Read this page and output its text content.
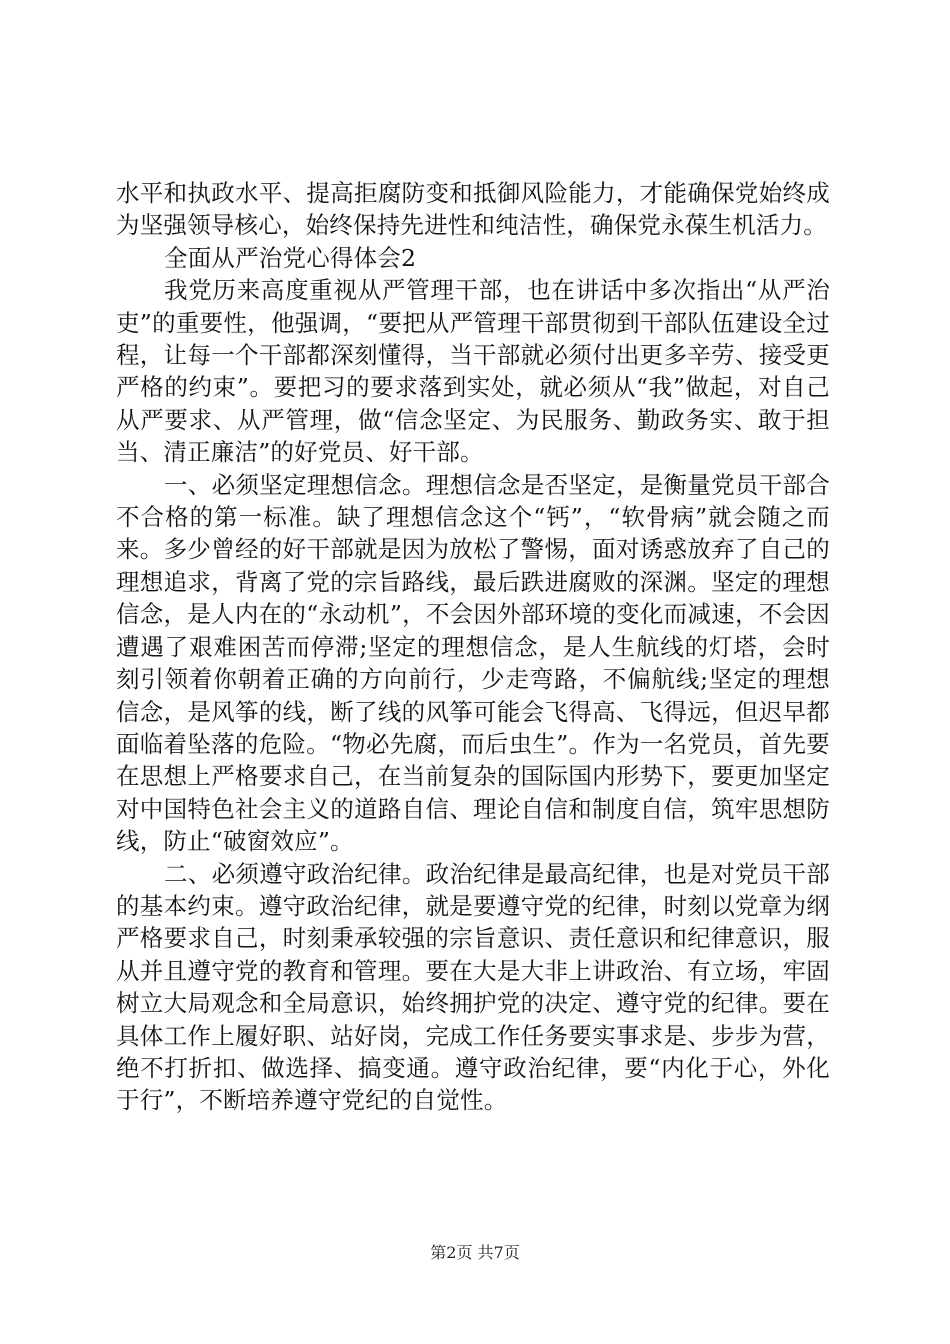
水平和执政水平、提高拒腐防变和抵御风险能力，才能确保党始终成为坚强领导核心，始终保持先进性和纯洁性，确保党永葆生机活力。

全面从严治党心得体会2

我党历来高度重视从严管理干部，也在讲话中多次指出“从严治吏”的重要性，他强调，“要把从严管理干部贯彻到干部队伍建设全过程，让每一个干部都深刻懂得，当干部就必须付出更多辛劳、接受更严格的约束”。要把习的要求落到实处，就必须从“我”做起，对自己从严要求、从严管理，做“信念坚定、为民服务、勤政务实、敢于担当、清正廉洁”的好党员、好干部。

一、必须坚定理想信念。理想信念是否坚定，是衡量党员干部合不合格的第一标准。缺了理想信念这个“钙”，“软骨病”就会随之而来。多少曾经的好干部就是因为放松了警惕，面对诱惑放弃了自己的理想追求，背离了党的宗旨路线，最后跌进腐败的深渊。坚定的理想信念，是人内在的“永动机”，不会因外部环境的变化而减速，不会因遭遇了艰难困苦而停滞;坚定的理想信念，是人生航线的灯塔，会时刻引领着你朝着正确的方向前行，少走弯路，不偏航线;坚定的理想信念，是风筝的线，断了线的风筝可能会飞得高、飞得远，但迟早都面临着坠落的危险。“物必先腐，而后虫生”。作为一名党员，首先要在思想上严格要求自己，在当前复杂的国际国内形势下，要更加坚定对中国特色社会主义的道路自信、理论自信和制度自信，筑牢思想防线，防止“破窗效应”。

二、必须遵守政治纪律。政治纪律是最高纪律，也是对党员干部的基本约束。遵守政治纪律，就是要遵守党的纪律，时刻以党章为纲严格要求自己，时刻秉承较强的宗旨意识、责任意识和纪律意识，服从并且遵守党的教育和管理。要在大是大非上讲政治、有立场，牢固树立大局观念和全局意识，始终拥护党的决定、遵守党的纪律。要在具体工作上履好职、站好岗，完成工作任务要实事求是、步步为营，绝不打折扣、做选择、搞变通。遵守政治纪律，要“内化于心，外化于行”，不断培养遵守党纪的自觉性。

第2页 共7页
